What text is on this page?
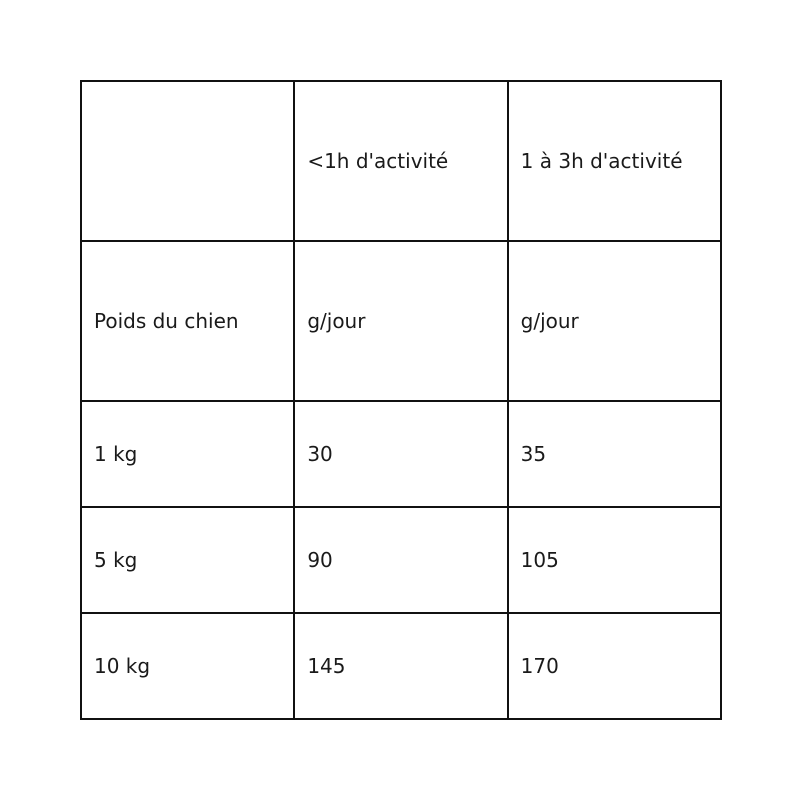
	<1h d'activité	1 à 3h d'activité
Poids du chien	g/jour	g/jour
1 kg	30	35
5 kg	90	105
10 kg	145	170
